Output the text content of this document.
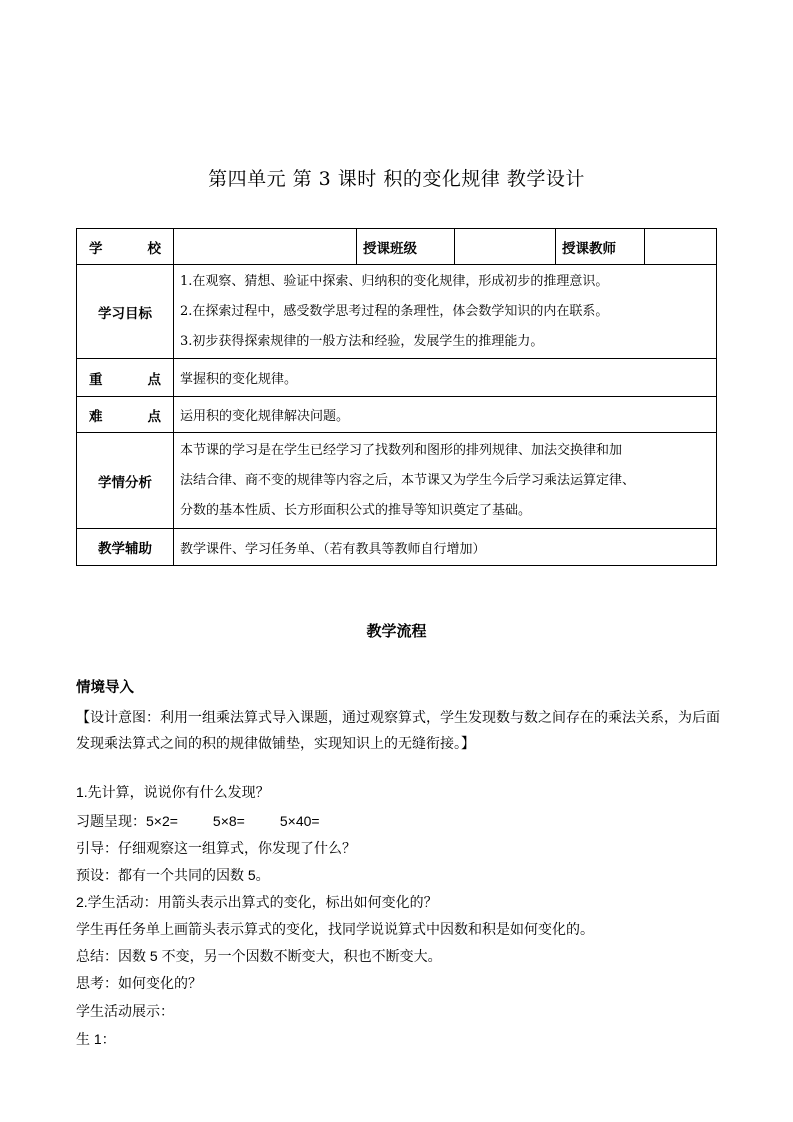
第四单元 第 3 课时 积的变化规律 教学设计
学 校		授课班级		授课教师	
学习目标	1.在观察、猜想、验证中探索、归纳积的变化规律，形成初步的推理意识。
2.在探索过程中，感受数学思考过程的条理性，体会数学知识的内在联系。
3.初步获得探索规律的一般方法和经验，发展学生的推理能力。				

重 点	掌握积的变化规律。				
难 点	运用积的变化规律解决问题。				
学情分析	本节课的学习是在学生已经学习了找数列和图形的排列规律、加法交换律和加
法结合律、商不变的规律等内容之后，本节课又为学生今后学习乘法运算定律、
分数的基本性质、长方形面积公式的推导等知识奠定了基础。				

教学辅助	教学课件、学习任务单、（若有教具等教师自行增加）				
教学流程
情境导入
【设计意图：利用一组乘法算式导入课题，通过观察算式，学生发现数与数之间存在的乘法关系，为后面
发现乘法算式之间的积的规律做铺垫，实现知识上的无缝衔接。】
1.先计算，说说你有什么发现？
习题呈现：5×2=         5×8=         5×40=
引导：仔细观察这一组算式，你发现了什么？
预设：都有一个共同的因数 5。
2.学生活动：用箭头表示出算式的变化，标出如何变化的？
学生再任务单上画箭头表示算式的变化，找同学说说算式中因数和积是如何变化的。
总结：因数 5 不变，另一个因数不断变大，积也不断变大。
思考：如何变化的？
学生活动展示：
生 1：
